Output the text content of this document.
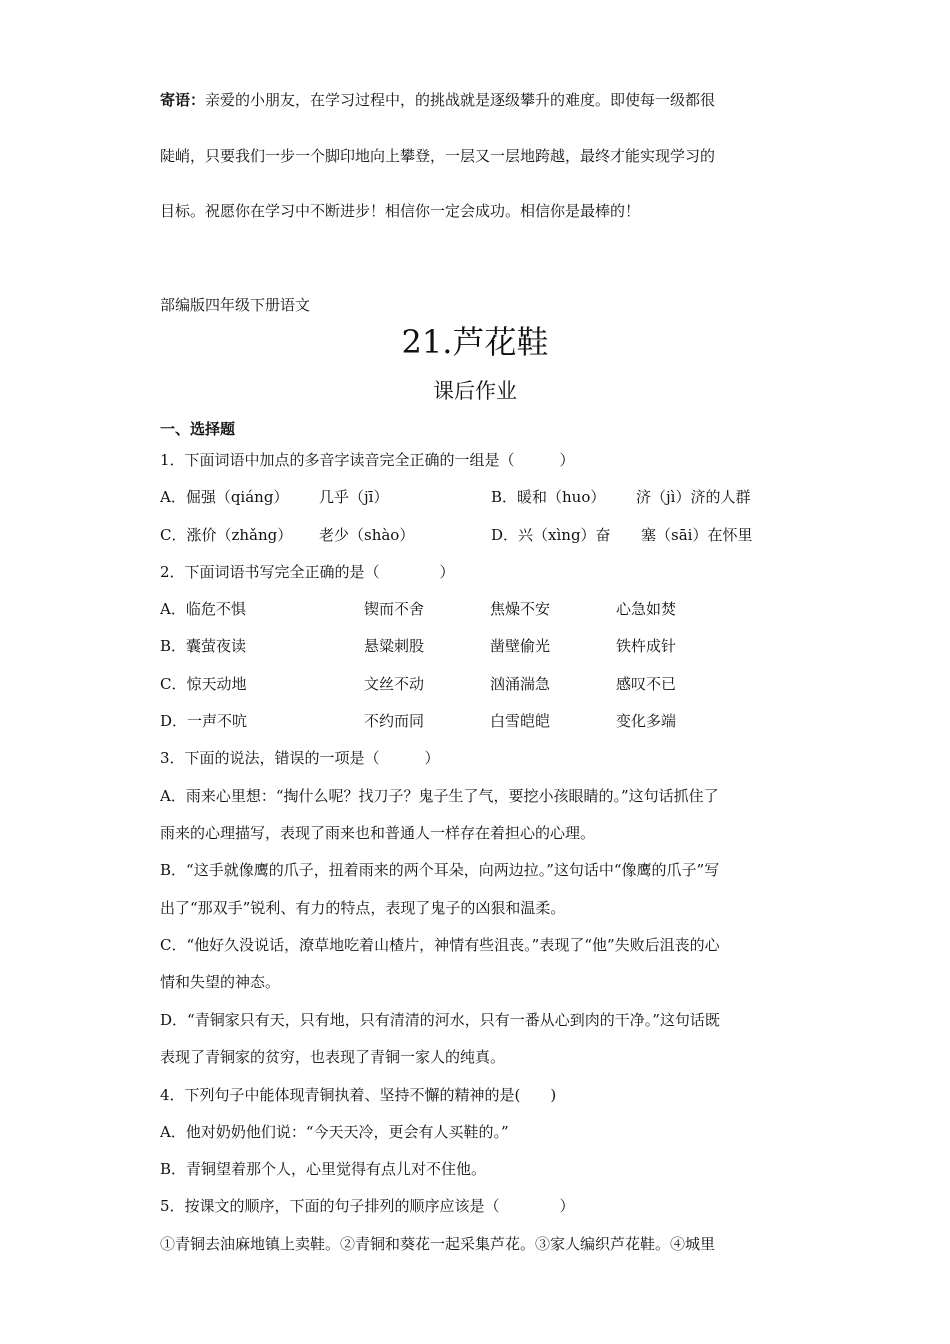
寄语：亲爱的小朋友，在学习过程中，的挑战就是逐级攀升的难度。即使每一级都很
陡峭，只要我们一步一个脚印地向上攀登，一层又一层地跨越，最终才能实现学习的
目标。祝愿你在学习中不断进步！相信你一定会成功。相信你是最棒的！
部编版四年级下册语文
21.芦花鞋
课后作业
一、选择题
1．下面词语中加点的多音字读音完全正确的一组是（　　　）
A．倔强（qiáng） 几乎（jī）	B．暖和（huo） 济（jì）济的人群
C．涨价（zhǎng） 老少（shào）	D．兴（xìng）奋 塞（sāi）在怀里
2．下面词语书写完全正确的是（　　　　）
A．临危不惧	锲而不舍	焦燥不安	心急如焚
B．囊萤夜读	悬粱刺股	凿壁偷光	铁杵成针
C．惊天动地	文丝不动	汹涌湍急	感叹不已
D．一声不吭	不约而同	白雪皑皑	变化多端
3．下面的说法，错误的一项是（　　　）
A．雨来心里想：“掏什么呢？找刀子？鬼子生了气，要挖小孩眼睛的。”这句话抓住了
雨来的心理描写，表现了雨来也和普通人一样存在着担心的心理。
B．“这手就像鹰的爪子，扭着雨来的两个耳朵，向两边拉。”这句话中“像鹰的爪子”写
出了“那双手”锐利、有力的特点，表现了鬼子的凶狠和温柔。
C．“他好久没说话，潦草地吃着山楂片，神情有些沮丧。”表现了“他”失败后沮丧的心
情和失望的神态。
D．“青铜家只有天，只有地，只有清清的河水，只有一番从心到肉的干净。”这句话既
表现了青铜家的贫穷，也表现了青铜一家人的纯真。
4．下列句子中能体现青铜执着、坚持不懈的精神的是(　　)
A．他对奶奶他们说：“今天天冷，更会有人买鞋的。”
B．青铜望着那个人，心里觉得有点儿对不住他。
5．按课文的顺序，下面的句子排列的顺序应该是（　　　　）
①青铜去油麻地镇上卖鞋。②青铜和葵花一起采集芦花。③家人编织芦花鞋。④城里
